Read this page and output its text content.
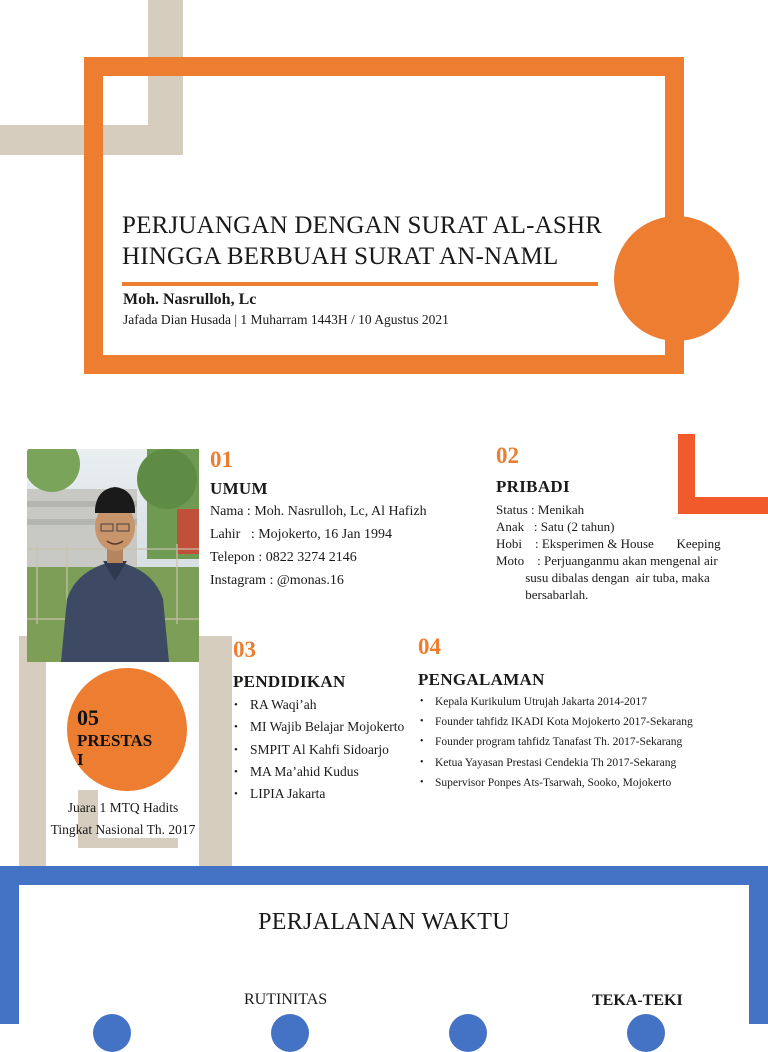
PERJUANGAN DENGAN SURAT AL-ASHR
HINGGA BERBUAH SURAT AN-NAML
Moh. Nasrulloh, Lc
Jafada Dian Husada | 1 Muharram 1443H / 10 Agustus 2021
01
UMUM
Nama : Moh. Nasrulloh, Lc, Al Hafizh
Lahir   : Mojokerto, 16 Jan 1994
Telepon : 0822 3274 2146
Instagram : @monas.16
02
PRIBADI
Status : Menikah
Anak   : Satu (2 tahun)
Hobi    : Eksperimen & House       Keeping
Moto    : Perjuanganmu akan mengenal air
susu dibalas dengan  air tuba, maka
bersabarlah.
03
PENDIDIKAN
• RA Waqi’ah
• MI Wajib Belajar Mojokerto
• SMPIT Al Kahfi Sidoarjo
• MA Ma’ahid Kudus
• LIPIA Jakarta
04
PENGALAMAN
• Kepala Kurikulum Utrujah Jakarta 2014-2017
• Founder tahfidz IKADI Kota Mojokerto 2017-Sekarang
• Founder program tahfidz Tanafast Th. 2017-Sekarang
• Ketua Yayasan Prestasi Cendekia Th 2017-Sekarang
• Supervisor Ponpes Ats-Tsarwah, Sooko, Mojokerto
05
PRESTAS
I
Juara 1 MTQ Hadits
Tingkat Nasional Th. 2017
PERJALANAN WAKTU
RUTINITAS	TEKA-TEKI
